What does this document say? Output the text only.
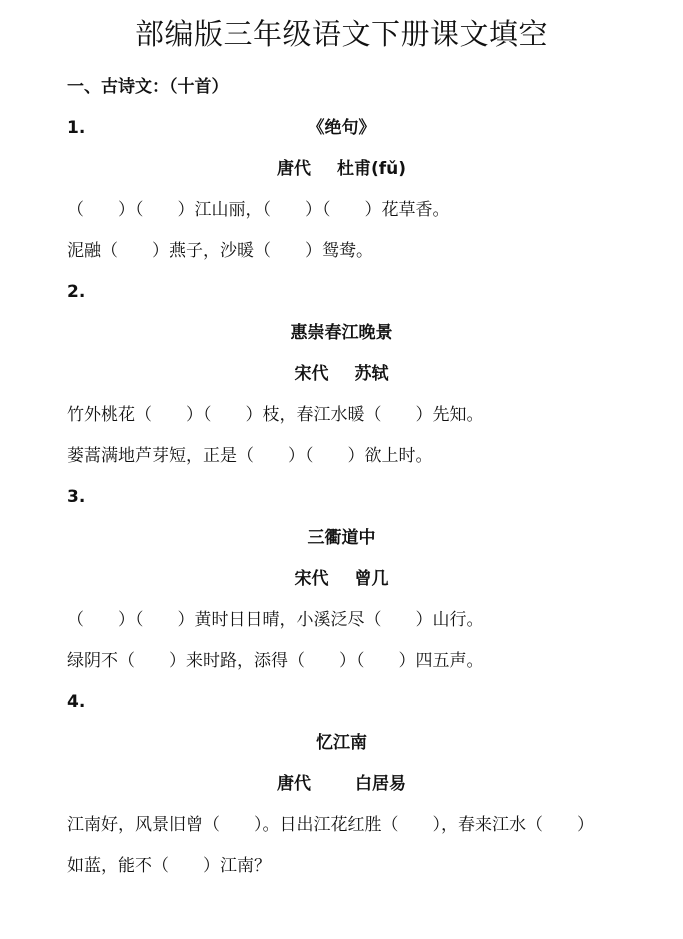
部编版三年级语文下册课文填空
一、古诗文：（十首）
1.	《绝句》
唐代 杜甫(fǔ)
（　　）（　　）江山丽，（　　）（　　）花草香。
泥融（　　）燕子，沙暖（　　）鸳鸯。
2.
惠崇春江晚景
宋代 苏轼
竹外桃花（　　）（　　）枝，春江水暖（　　）先知。
蒌蒿满地芦芽短，正是（　　）（　　）欲上时。
3.
三衢道中
宋代 曾几
（　　）（　　）黄时日日晴，小溪泛尽（　　）山行。
绿阴不（　　）来时路，添得（　　）（　　）四五声。
4.
忆江南
唐代	白居易
江南好，风景旧曾（　　）。日出江花红胜（　　），春来江水（　　）
如蓝，能不（　　）江南？
